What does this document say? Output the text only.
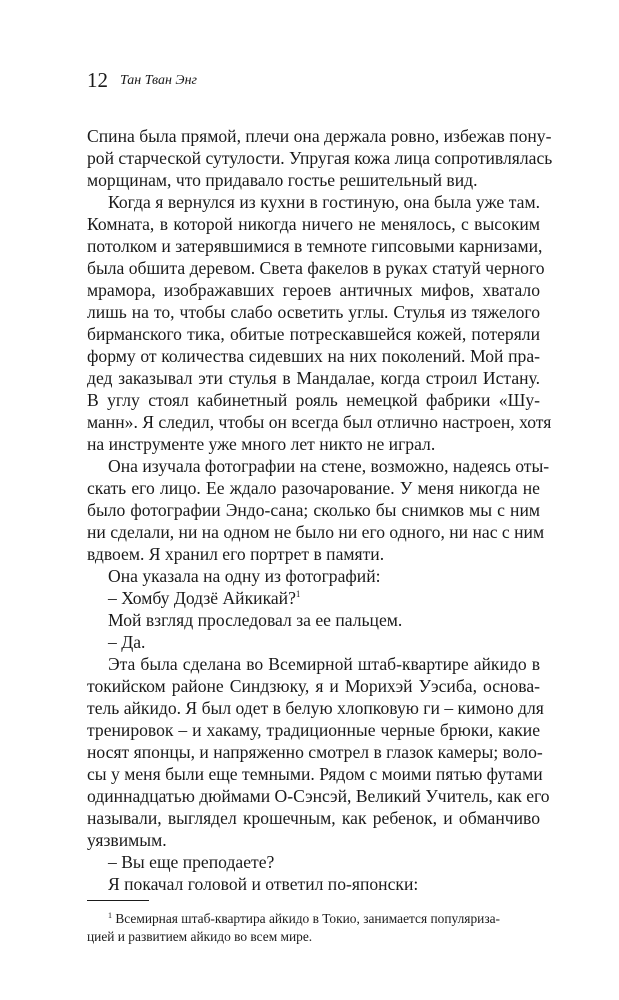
12 Тан Тван Энг
Спина была прямой, плечи она держала ровно, избежав пону-
рой старческой сутулости. Упругая кожа лица сопротивлялась
морщинам, что придавало гостье решительный вид.
Когда я вернулся из кухни в гостиную, она была уже там.
Комната, в которой никогда ничего не менялось, с высоким
потолком и затерявшимися в темноте гипсовыми карнизами,
была обшита деревом. Света факелов в руках статуй черного
мрамора, изображавших героев античных мифов, хватало
лишь на то, чтобы слабо осветить углы. Стулья из тяжелого
бирманского тика, обитые потрескавшейся кожей, потеряли
форму от количества сидевших на них поколений. Мой пра-
дед заказывал эти стулья в Мандалае, когда строил Истану.
В углу стоял кабинетный рояль немецкой фабрики «Шу-
манн». Я следил, чтобы он всегда был отлично настроен, хотя
на инструменте уже много лет никто не играл.
Она изучала фотографии на стене, возможно, надеясь оты-
скать его лицо. Ее ждало разочарование. У меня никогда не
было фотографии Эндо-сана; сколько бы снимков мы с ним
ни сделали, ни на одном не было ни его одного, ни нас с ним
вдвоем. Я хранил его портрет в памяти.
Она указала на одну из фотографий:
– Хомбу Додзё Айкикай?$^1$
Мой взгляд проследовал за ее пальцем.
– Да.
Эта была сделана во Всемирной штаб-квартире айкидо в
токийском районе Синдзюку, я и Морихэй Уэсиба, основа-
тель айкидо. Я был одет в белую хлопковую ги – кимоно для
тренировок – и хакаму, традиционные черные брюки, какие
носят японцы, и напряженно смотрел в глазок камеры; воло-
сы у меня были еще темными. Рядом с моими пятью футами
одиннадцатью дюймами О-Сэнсэй, Великий Учитель, как его
называли, выглядел крошечным, как ребенок, и обманчиво
уязвимым.
– Вы еще преподаете?
Я покачал головой и ответил по-японски:
$^1$ Всемирная штаб-квартира айкидо в Токио, занимается популяриза-
цией и развитием айкидо во всем мире.
